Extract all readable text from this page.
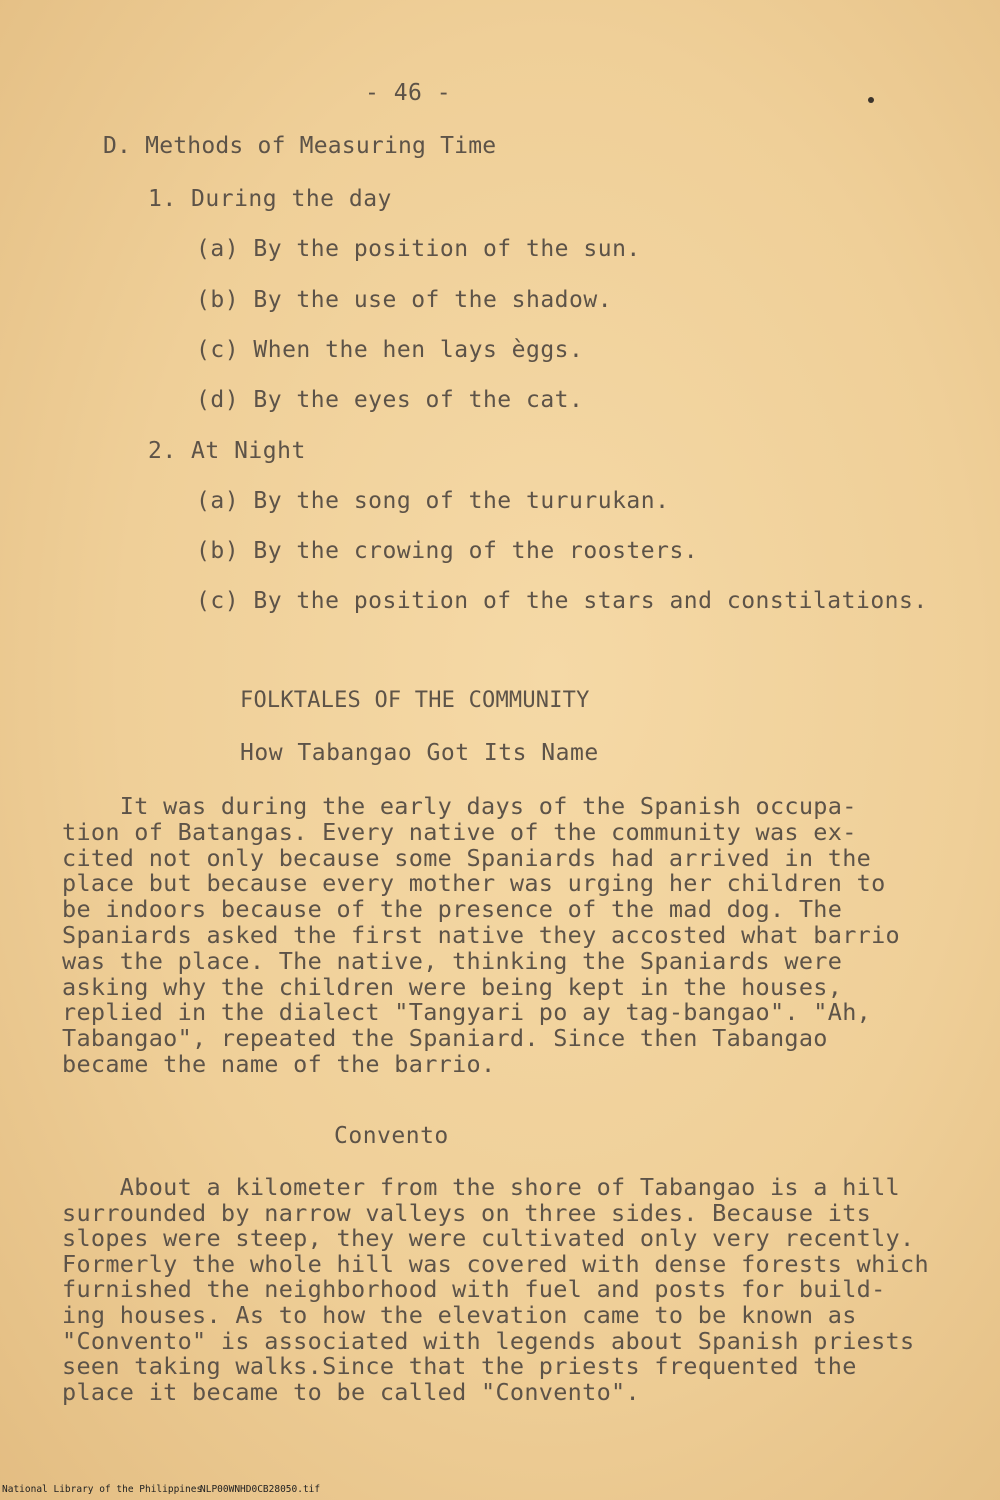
- 46 -
D. Methods of Measuring Time
1. During the day
(a) By the position of the sun.
(b) By the use of the shadow.
(c) When the hen lays èggs.
(d) By the eyes of the cat.
2. At Night
(a) By the song of the tururukan.
(b) By the crowing of the roosters.
(c) By the position of the stars and constilations.
FOLKTALES OF THE COMMUNITY
How Tabangao Got Its Name
It was during the early days of the Spanish occupa-
tion of Batangas. Every native of the community was ex-
cited not only because some Spaniards had arrived in the
place but because every mother was urging her children to
be indoors because of the presence of the mad dog. The
Spaniards asked the first native they accosted what barrio
was the place. The native, thinking the Spaniards were
asking why the children were being kept in the houses,
replied in the dialect "Tangyari po ay tag-bangao". "Ah,
Tabangao", repeated the Spaniard. Since then Tabangao
became the name of the barrio.
Convento
About a kilometer from the shore of Tabangao is a hill
surrounded by narrow valleys on three sides. Because its
slopes were steep, they were cultivated only very recently.
Formerly the whole hill was covered with dense forests which
furnished the neighborhood with fuel and posts for build-
ing houses. As to how the elevation came to be known as
"Convento" is associated with legends about Spanish priests
seen taking walks.Since that the priests frequented the
place it became to be called "Convento".
National Library of the Philippines
NLP00WNHD0CB28050.tif
